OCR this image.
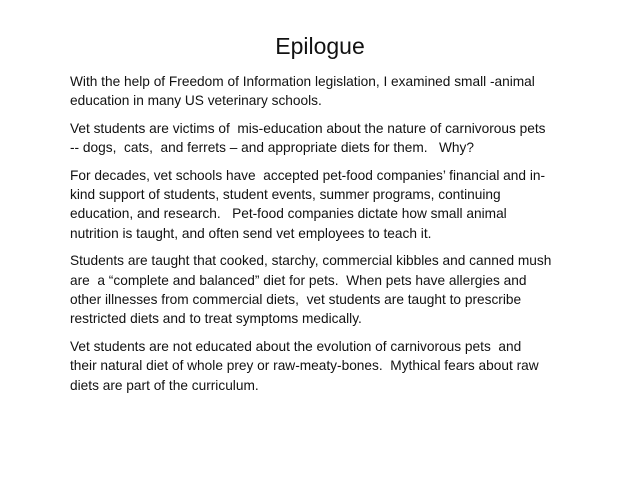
Epilogue

With the help of Freedom of Information legislation, I examined small -animal
education in many US veterinary schools.

Vet students are victims of  mis-education about the nature of carnivorous pets
-- dogs,  cats,  and ferrets – and appropriate diets for them.   Why?

For decades, vet schools have  accepted pet-food companies’ financial and in-
kind support of students, student events, summer programs, continuing
education, and research.   Pet-food companies dictate how small animal
nutrition is taught, and often send vet employees to teach it.

Students are taught that cooked, starchy, commercial kibbles and canned mush
are  a “complete and balanced” diet for pets.  When pets have allergies and
other illnesses from commercial diets,  vet students are taught to prescribe
restricted diets and to treat symptoms medically.

Vet students are not educated about the evolution of carnivorous pets  and
their natural diet of whole prey or raw-meaty-bones.  Mythical fears about raw
diets are part of the curriculum.
